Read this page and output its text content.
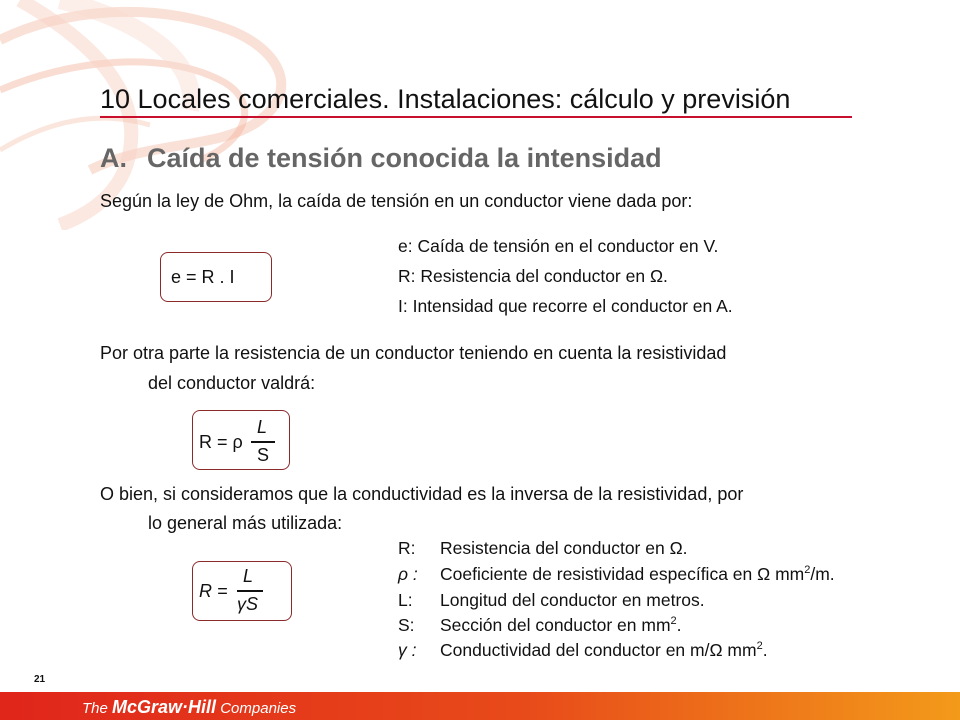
10 Locales comerciales. Instalaciones: cálculo y previsión
A. Caída de tensión conocida la intensidad
Según la ley de Ohm, la caída de tensión en un conductor viene dada por:
e = R . I
e: Caída de tensión en el conductor en V.
R: Resistencia del conductor en Ω.
I: Intensidad que recorre el conductor en A.
Por otra parte la resistencia de un conductor teniendo en cuenta la resistividad
del conductor valdrá:
R = ρ
L
S
O bien, si consideramos que la conductividad es la inversa de la resistividad, por
lo general más utilizada:
R =
L
γS
R: Resistencia del conductor en Ω.
ρ : Coeficiente de resistividad específica en Ω $mm^2/m$.
L: Longitud del conductor en metros.
S: Sección del conductor en $mm^2$.
γ : Conductividad del conductor en m/Ω $mm^2$.
21
The McGraw·Hill Companies
